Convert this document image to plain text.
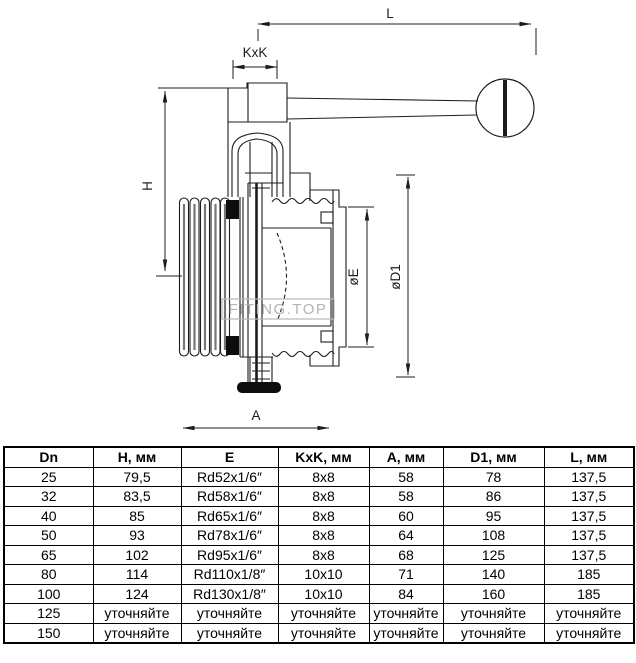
L
KxK
H
øE øD1
A
FITING.TOP
Dn	H, мм	E	KxK, мм	A, мм	D1, мм	L, мм
25	79,5	Rd52x1/6″	8x8	58	78	137,5
32	83,5	Rd58x1/6″	8x8	58	86	137,5
40	85	Rd65x1/6″	8x8	60	95	137,5
50	93	Rd78x1/6″	8x8	64	108	137,5
65	102	Rd95x1/6″	8x8	68	125	137,5
80	114	Rd110x1/8″	10x10	71	140	185
100	124	Rd130x1/8″	10x10	84	160	185
125	уточняйте	уточняйте	уточняйте	уточняйте	уточняйте	уточняйте
150	уточняйте	уточняйте	уточняйте	уточняйте	уточняйте	уточняйте
